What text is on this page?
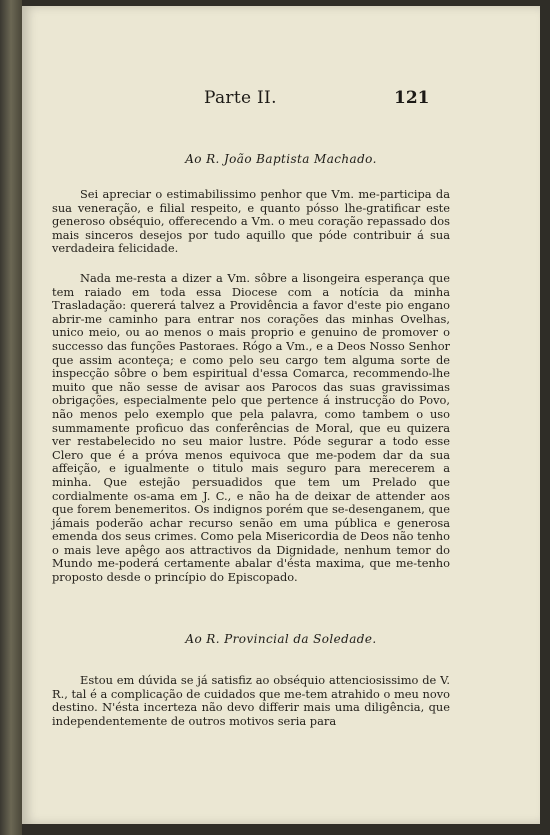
Parte II.	121
Ao R. João Baptista Machado.

Sei apreciar o estimabilissimo penhor que Vm. me-participa da sua veneração, e filial respeito, e quanto pósso lhe-gratificar este generoso obséquio, offerecendo a Vm. o meu coração repassado dos mais sinceros desejos por tudo aquillo que póde contribuir á sua verdadeira felicidade.

Nada me-resta a dizer a Vm. sôbre a lisongeira esperança que tem raiado em toda essa Diocese com a notícia da minha Trasladação: quererá talvez a Providência a favor d'este pio engano abrir-me caminho para entrar nos corações das minhas Ovelhas, unico meio, ou ao menos o mais proprio e genuino de promover o successo das funções Pastoraes. Rógo a Vm., e a Deos Nosso Senhor que assim aconteça; e como pelo seu cargo tem alguma sorte de inspecção sôbre o bem espiritual d'essa Comarca, recommendo-lhe muito que não sesse de avisar aos Parocos das suas gravissimas obrigações, especialmente pelo que pertence á instrucção do Povo, não menos pelo exemplo que pela palavra, como tambem o uso summamente proficuo das conferências de Moral, que eu quizera ver restabelecido no seu maior lustre. Póde segurar a todo esse Clero que é a próva menos equivoca que me-podem dar da sua affeição, e igualmente o titulo mais seguro para merecerem a minha. Que estejão persuadidos que tem um Prelado que cordialmente os-ama em J. C., e não ha de deixar de attender aos que forem benemeritos. Os indignos porém que se-desenganem, que jámais poderão achar recurso senão em uma pública e generosa emenda dos seus crimes. Como pela Misericordia de Deos não tenho o mais leve apêgo aos attractivos da Dignidade, nenhum temor do Mundo me-poderá certamente abalar d'ésta maxima, que me-tenho proposto desde o princípio do Episcopado.

Ao R. Provincial da Soledade.

Estou em dúvida se já satisfiz ao obséquio attenciosissimo de V. R., tal é a complicação de cuidados que me-tem atrahido o meu novo destino. N'ésta incerteza não devo differir mais uma diligência, que independentemente de outros motivos seria para
